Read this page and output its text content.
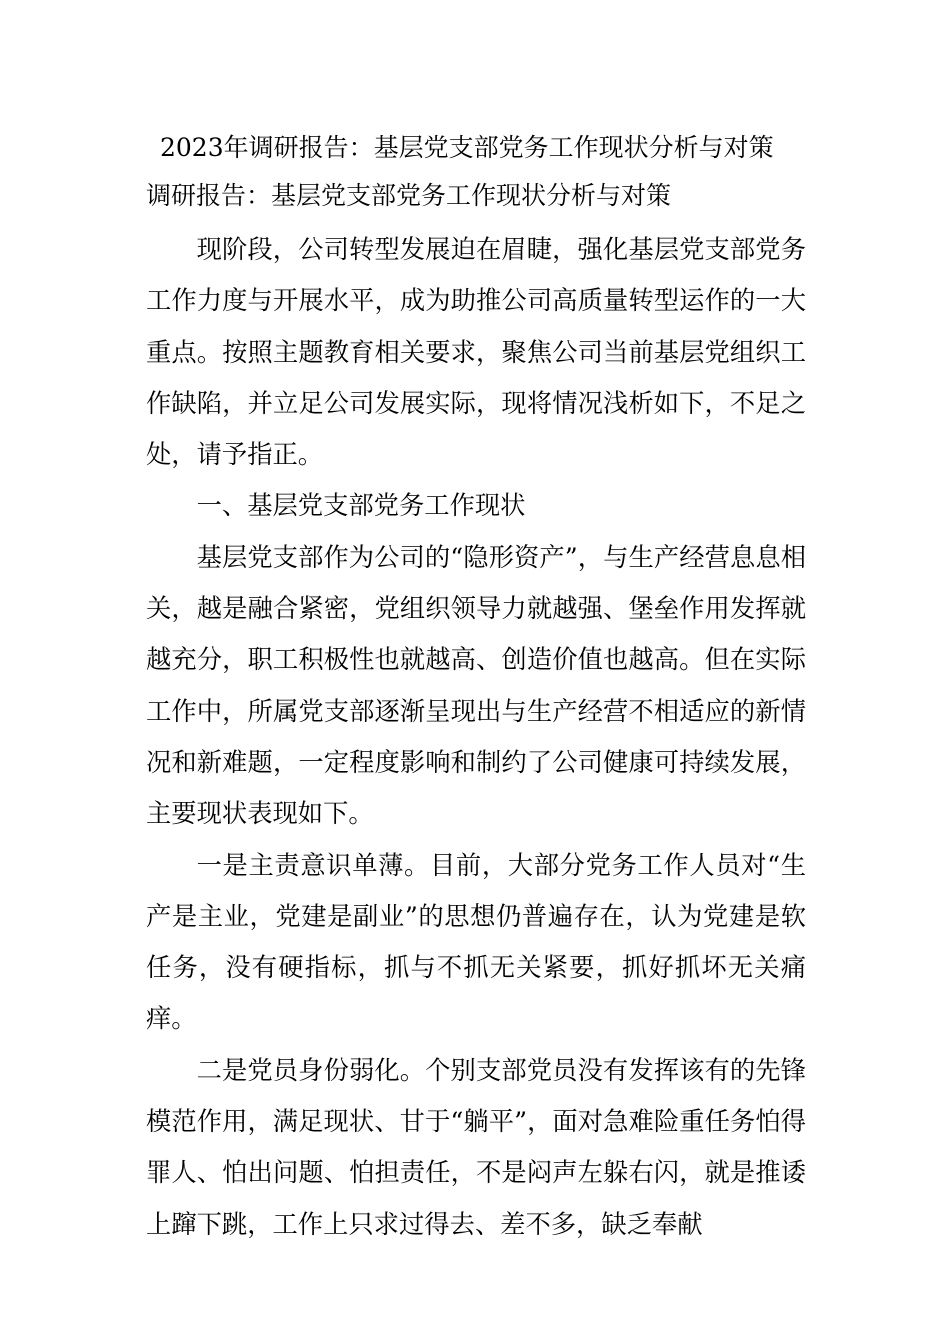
2023年调研报告：基层党支部党务工作现状分析与对策
调研报告：基层党支部党务工作现状分析与对策

现阶段，公司转型发展迫在眉睫，强化基层党支部党务工作力度与开展水平，成为助推公司高质量转型运作的一大重点。按照主题教育相关要求，聚焦公司当前基层党组织工作缺陷，并立足公司发展实际，现将情况浅析如下，不足之处，请予指正。

一、基层党支部党务工作现状

基层党支部作为公司的“隐形资产”，与生产经营息息相关，越是融合紧密，党组织领导力就越强、堡垒作用发挥就越充分，职工积极性也就越高、创造价值也越高。但在实际工作中，所属党支部逐渐呈现出与生产经营不相适应的新情况和新难题，一定程度影响和制约了公司健康可持续发展，主要现状表现如下。

一是主责意识单薄。目前，大部分党务工作人员对“生产是主业，党建是副业”的思想仍普遍存在，认为党建是软任务，没有硬指标，抓与不抓无关紧要，抓好抓坏无关痛痒。

二是党员身份弱化。个别支部党员没有发挥该有的先锋模范作用，满足现状、甘于“躺平”，面对急难险重任务怕得罪人、怕出问题、怕担责任，不是闷声左躲右闪，就是推诿上蹿下跳，工作上只求过得去、差不多，缺乏奉献
